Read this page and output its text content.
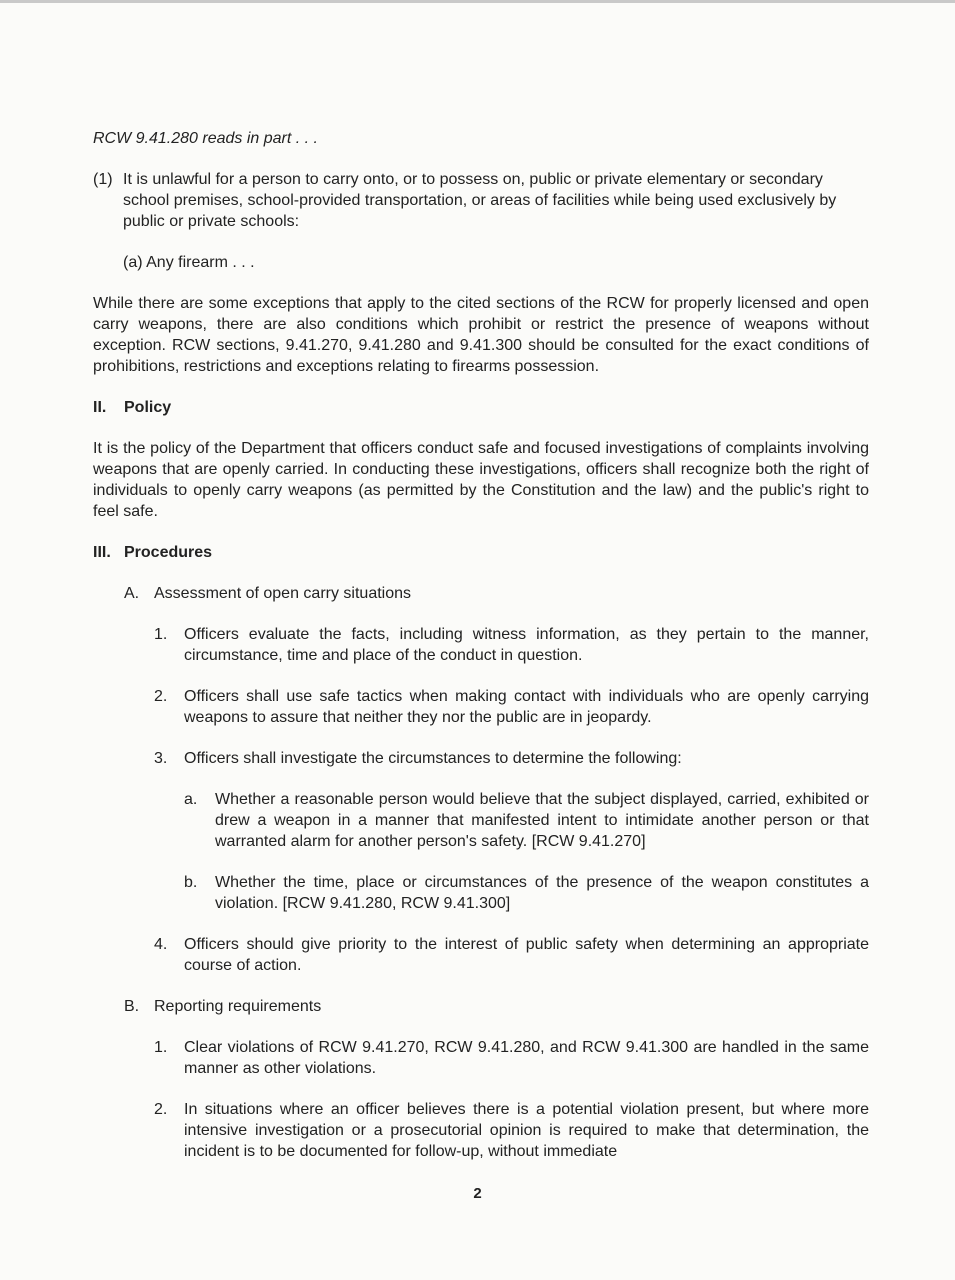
RCW 9.41.280 reads in part . . .
(1) It is unlawful for a person to carry onto, or to possess on, public or private elementary or secondary school premises, school-provided transportation, or areas of facilities while being used exclusively by public or private schools:
(a) Any firearm . . .

While there are some exceptions that apply to the cited sections of the RCW for properly licensed and open carry weapons, there are also conditions which prohibit or restrict the presence of weapons without exception. RCW sections, 9.41.270, 9.41.280 and 9.41.300 should be consulted for the exact conditions of prohibitions, restrictions and exceptions relating to firearms possession.

II. Policy

It is the policy of the Department that officers conduct safe and focused investigations of complaints involving weapons that are openly carried. In conducting these investigations, officers shall recognize both the right of individuals to openly carry weapons (as permitted by the Constitution and the law) and the public's right to feel safe.

III. Procedures
A. Assessment of open carry situations
1.	Officers evaluate the facts, including witness information, as they pertain to the manner, circumstance, time and place of the conduct in question.
2.	Officers shall use safe tactics when making contact with individuals who are openly carrying weapons to assure that neither they nor the public are in jeopardy.
3.	Officers shall investigate the circumstances to determine the following:
a.	Whether a reasonable person would believe that the subject displayed, carried, exhibited or drew a weapon in a manner that manifested intent to intimidate another person or that warranted alarm for another person's safety. [RCW 9.41.270]
b.	Whether the time, place or circumstances of the presence of the weapon constitutes a violation. [RCW 9.41.280, RCW 9.41.300]
4.	Officers should give priority to the interest of public safety when determining an appropriate course of action.
B. Reporting requirements
1.	Clear violations of RCW 9.41.270, RCW 9.41.280, and RCW 9.41.300 are handled in the same manner as other violations.
2.	In situations where an officer believes there is a potential violation present, but where more intensive investigation or a prosecutorial opinion is required to make that determination, the incident is to be documented for follow-up, without immediate
2
